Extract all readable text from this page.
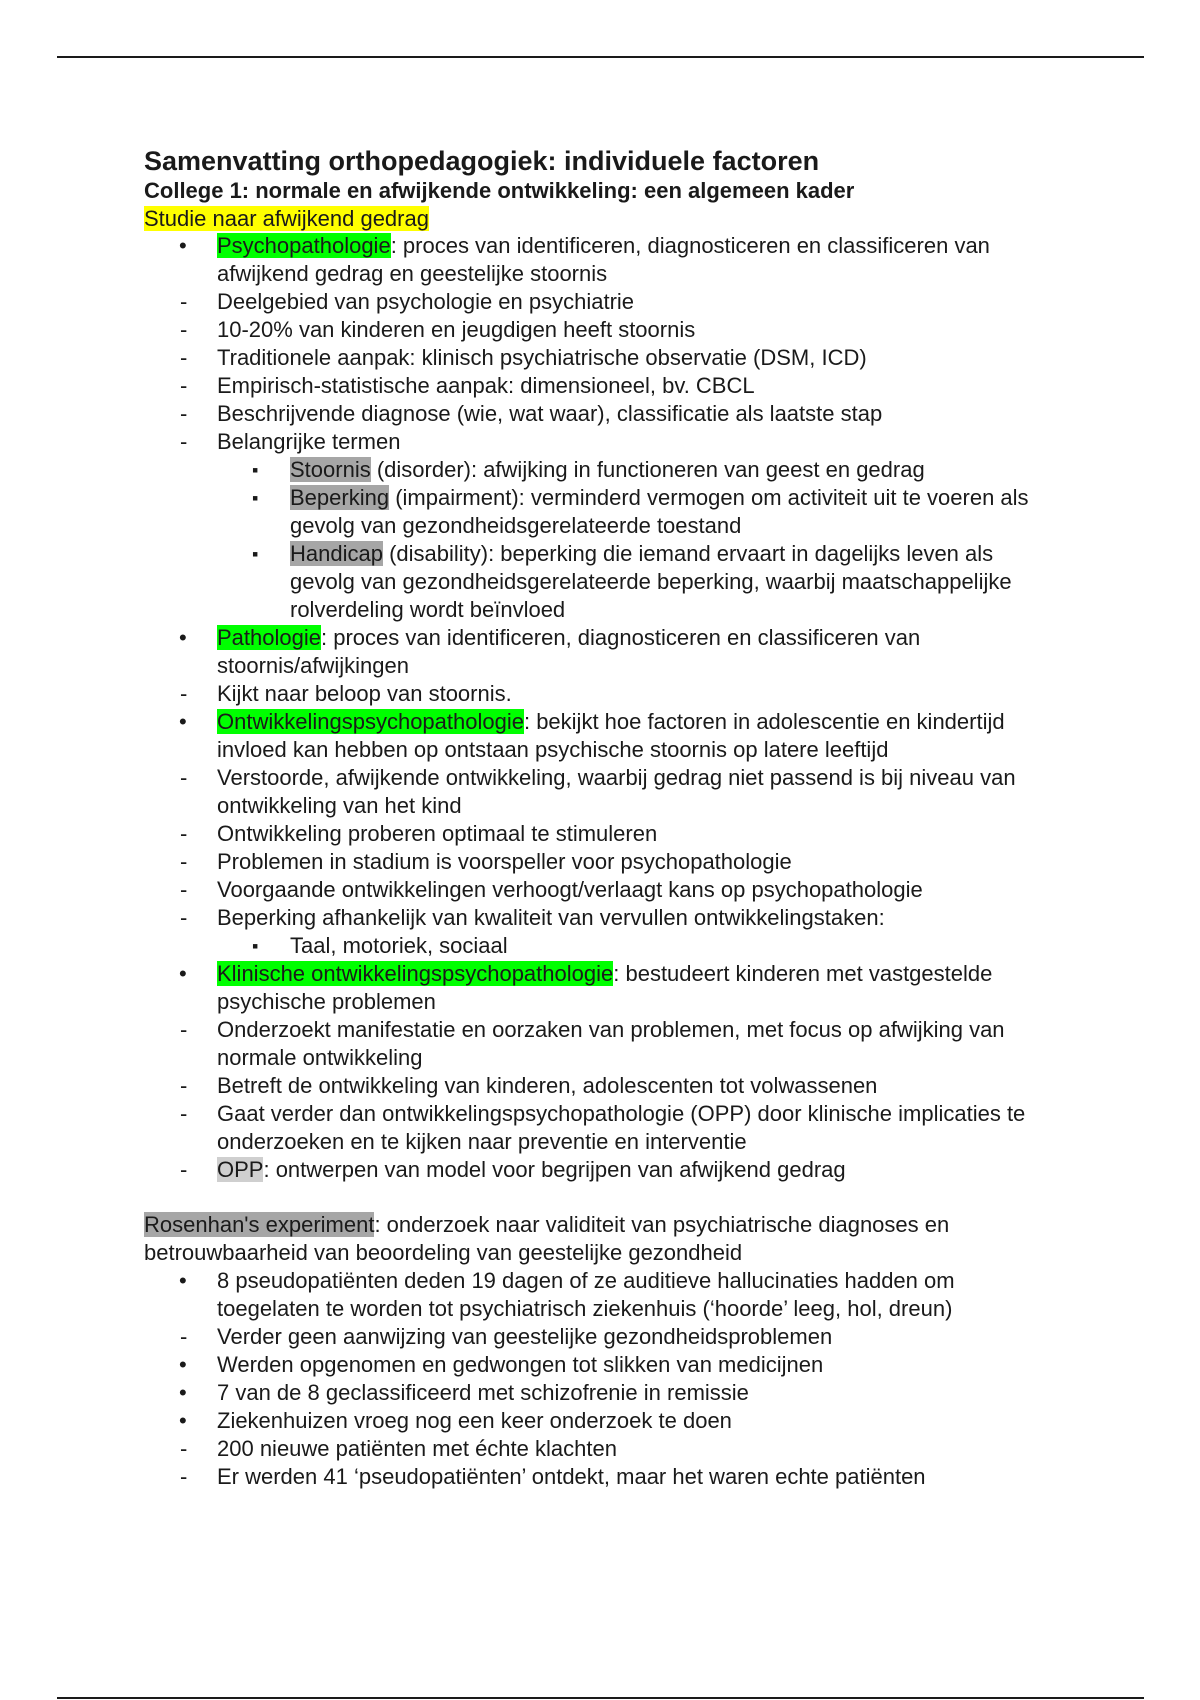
Samenvatting orthopedagogiek: individuele factoren
College 1: normale en afwijkende ontwikkeling: een algemeen kader
Studie naar afwijkend gedrag
• Psychopathologie: proces van identificeren, diagnosticeren en classificeren van afwijkend gedrag en geestelijke stoornis
- Deelgebied van psychologie en psychiatrie
- 10-20% van kinderen en jeugdigen heeft stoornis
- Traditionele aanpak: klinisch psychiatrische observatie (DSM, ICD)
- Empirisch-statistische aanpak: dimensioneel, bv. CBCL
- Beschrijvende diagnose (wie, wat waar), classificatie als laatste stap
- Belangrijke termen
▪ Stoornis (disorder): afwijking in functioneren van geest en gedrag
▪ Beperking (impairment): verminderd vermogen om activiteit uit te voeren als gevolg van gezondheidsgerelateerde toestand
▪ Handicap (disability): beperking die iemand ervaart in dagelijks leven als gevolg van gezondheidsgerelateerde beperking, waarbij maatschappelijke rolverdeling wordt beïnvloed
• Pathologie: proces van identificeren, diagnosticeren en classificeren van stoornis/afwijkingen
- Kijkt naar beloop van stoornis.
• Ontwikkelingspsychopathologie: bekijkt hoe factoren in adolescentie en kindertijd invloed kan hebben op ontstaan psychische stoornis op latere leeftijd
- Verstoorde, afwijkende ontwikkeling, waarbij gedrag niet passend is bij niveau van ontwikkeling van het kind
- Ontwikkeling proberen optimaal te stimuleren
- Problemen in stadium is voorspeller voor psychopathologie
- Voorgaande ontwikkelingen verhoogt/verlaagt kans op psychopathologie
- Beperking afhankelijk van kwaliteit van vervullen ontwikkelingstaken:
▪ Taal, motoriek, sociaal
• Klinische ontwikkelingspsychopathologie: bestudeert kinderen met vastgestelde psychische problemen
- Onderzoekt manifestatie en oorzaken van problemen, met focus op afwijking van normale ontwikkeling
- Betreft de ontwikkeling van kinderen, adolescenten tot volwassenen
- Gaat verder dan ontwikkelingspsychopathologie (OPP) door klinische implicaties te onderzoeken en te kijken naar preventie en interventie
- OPP: ontwerpen van model voor begrijpen van afwijkend gedrag

Rosenhan's experiment: onderzoek naar validiteit van psychiatrische diagnoses en betrouwbaarheid van beoordeling van geestelijke gezondheid

• 8 pseudopatiënten deden 19 dagen of ze auditieve hallucinaties hadden om toegelaten te worden tot psychiatrisch ziekenhuis (‘hoorde’ leeg, hol, dreun)
- Verder geen aanwijzing van geestelijke gezondheidsproblemen
• Werden opgenomen en gedwongen tot slikken van medicijnen
• 7 van de 8 geclassificeerd met schizofrenie in remissie
• Ziekenhuizen vroeg nog een keer onderzoek te doen
- 200 nieuwe patiënten met échte klachten
- Er werden 41 ‘pseudopatiënten’ ontdekt, maar het waren echte patiënten
